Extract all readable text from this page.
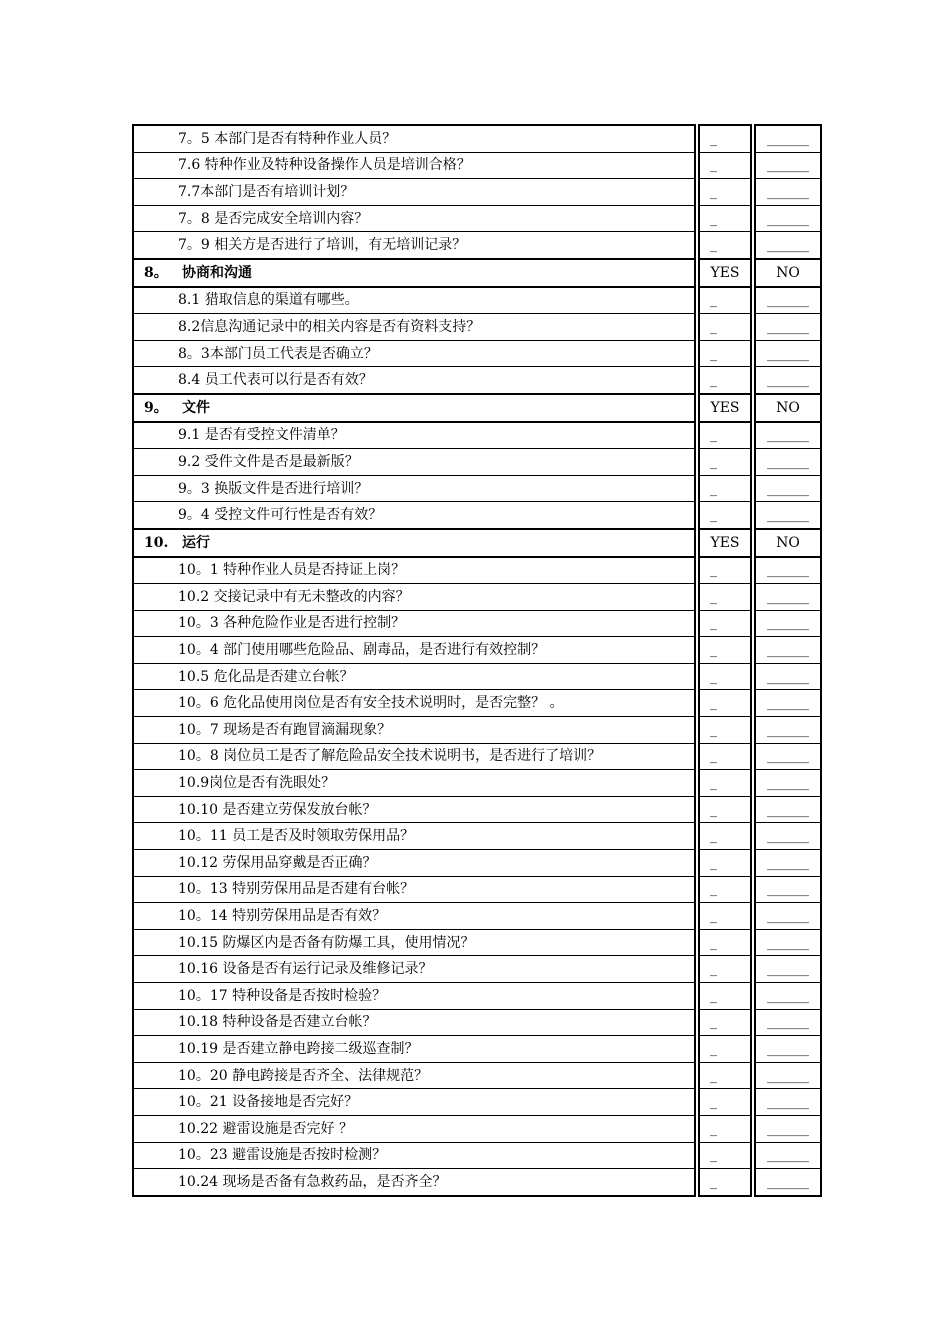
7。5 本部门是否有特种作业人员？		_		______
7.6 特种作业及特种设备操作人员是培训合格？		_		______
7.7本部门是否有培训计划？		_		______
7。8 是否完成安全培训内容？		_		______
7。9 相关方是否进行了培训，有无培训记录？		_		______
8。 协商和沟通		YES		NO
8.1 猎取信息的渠道有哪些。		_		______
8.2信息沟通记录中的相关内容是否有资料支持？		_		______
8。3本部门员工代表是否确立？		_		______
8.4 员工代表可以行是否有效？		_		______
9。 文件		YES		NO
9.1 是否有受控文件清单？		_		______
9.2 受件文件是否是最新版？		_		______
9。3 换版文件是否进行培训？		_		______
9。4 受控文件可行性是否有效？		_		______
10. 运行		YES		NO
10。1 特种作业人员是否持证上岗？		_		______
10.2 交接记录中有无未整改的内容？		_		______
10。3 各种危险作业是否进行控制？		_		______
10。4 部门使用哪些危险品、剧毒品，是否进行有效控制？		_		______
10.5 危化品是否建立台帐？		_		______
10。6 危化品使用岗位是否有安全技术说明时，是否完整？ 。		_		______
10。7 现场是否有跑冒滴漏现象？		_		______
10。8 岗位员工是否了解危险品安全技术说明书，是否进行了培训？		_		______
10.9岗位是否有洗眼处？		_		______
10.10 是否建立劳保发放台帐？		_		______
10。11 员工是否及时领取劳保用品？		_		______
10.12 劳保用品穿戴是否正确？		_		______
10。13 特别劳保用品是否建有台帐？		_		______
10。14 特别劳保用品是否有效？		_		______
10.15 防爆区内是否备有防爆工具，使用情况？		_		______
10.16 设备是否有运行记录及维修记录？		_		______
10。17 特种设备是否按时检验？		_		______
10.18 特种设备是否建立台帐？		_		______
10.19 是否建立静电跨接二级巡查制？		_		______
10。20 静电跨接是否齐全、法律规范？		_		______
10。21 设备接地是否完好？		_		______
10.22 避雷设施是否完好 ？		_		______
10。23 避雷设施是否按时检测？		_		______
10.24 现场是否备有急救药品，是否齐全？		_		______
